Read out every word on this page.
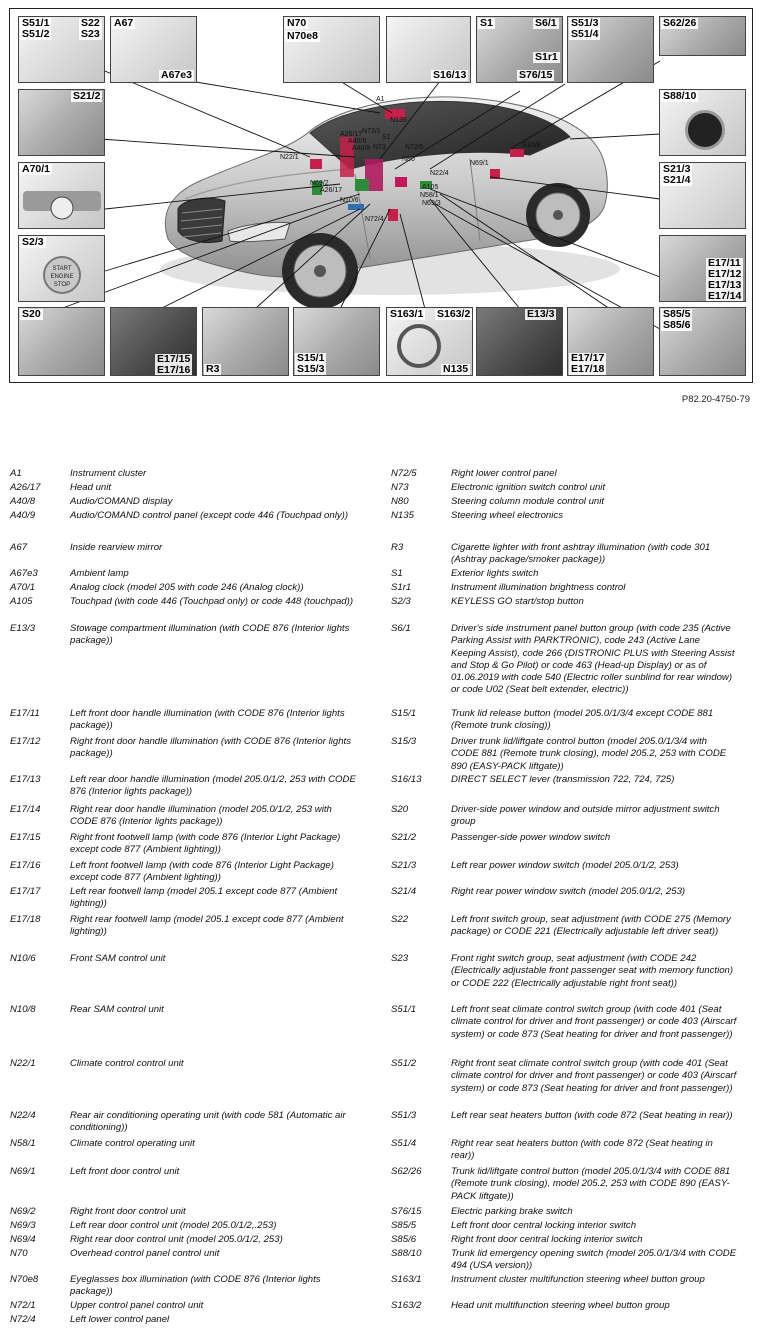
A1
A26/17
A40/8
A40/9
N22/1
N69/2
A26/17
N10/6
N73
S1
N72/1
N72/5
N22/4
A105
N58/1
N80
N135
N10/8
N69/1
N69/3
N72/4
S51/1
S51/2
S22
S23
A67
A67e3
N70
N70e8
S16/13
S1	S6/1
S1r1
S76/15
S51/3
S51/4
S62/26
S21/2
A70/1
S2/3
START
ENGINE
STOP
S88/10
S21/3
S21/4
E17/11
E17/12
E17/13
E17/14
S20
E17/15
E17/16 R3
S15/1
S15/3
S163/1 S163/2
N135
E13/3
E17/17
E17/18
S85/5
S85/6
P82.20-4750-79
A1	Instrument cluster
A26/17	Head unit
A40/8	Audio/COMAND display
A40/9	Audio/COMAND control panel (except code 446 (Touchpad only))
A67	Inside rearview mirror
A67e3	Ambient lamp
A70/1	Analog clock (model 205 with code 246 (Analog clock))
A105	Touchpad (with code 446 (Touchpad only) or code 448 (touchpad))
E13/3	Stowage compartment illumination (with CODE 876 (Interior lights package))
E17/11	Left front door handle illumination (with CODE 876 (Interior lights package))
E17/12	Right front door handle illumination (with CODE 876 (Interior lights package))
E17/13	Left rear door handle illumination (model 205.0/1/2, 253 with CODE 876 (Interior lights package))
E17/14	Right rear door handle illumination (model 205.0/1/2, 253 with CODE 876 (Interior lights package))
E17/15	Right front footwell lamp (with code 876 (Interior Light Package) except code 877 (Ambient lighting))
E17/16	Left front footwell lamp (with code 876 (Interior Light Package) except code 877 (Ambient lighting))
E17/17	Left rear footwell lamp (model 205.1 except code 877 (Ambient lighting))
E17/18	Right rear footwell lamp (model 205.1 except code 877 (Ambient lighting))
N10/6	Front SAM control unit
N10/8	Rear SAM control unit
N22/1	Climate control control unit
N22/4	Rear air conditioning operating unit (with code 581 (Automatic air conditioning))
N58/1	Climate control operating unit
N69/1	Left front door control unit
N69/2	Right front door control unit
N69/3	Left rear door control unit (model 205.0/1/2,.253)
N69/4	Right rear door control unit (model 205.0/1/2, 253)
N70	Overhead control panel control unit
N70e8	Eyeglasses box illumination (with CODE 876 (Interior lights package))
N72/1	Upper control panel control unit
N72/4	Left lower control panel
N72/5	Right lower control panel
N73	Electronic ignition switch control unit
N80	Steering column module control unit
N135	Steering wheel electronics
R3	Cigarette lighter with front ashtray illumination (with code 301 (Ashtray package/smoker package))
S1	Exterior lights switch
S1r1	Instrument illumination brightness control
S2/3	KEYLESS GO start/stop button
S6/1	Driver's side instrument panel button group (with code 235 (Active Parking Assist with PARKTRONIC), code 243 (Active Lane Keeping Assist), code 266 (DISTRONIC PLUS with Steering Assist and Stop & Go Pilot) or code 463 (Head-up Display) or as of 01.06.2019 with code 540 (Electric roller sunblind for rear window) or code U02 (Seat belt extender, electric))
S15/1	Trunk lid release button (model 205.0/1/3/4 except CODE 881 (Remote trunk closing))
S15/3	Driver trunk lid/liftgate control button (model 205.0/1/3/4 with CODE 881 (Remote trunk closing), model 205.2, 253 with CODE 890 (EASY-PACK liftgate))
S16/13	DIRECT SELECT lever (transmission 722, 724, 725)
S20	Driver-side power window and outside mirror adjustment switch group
S21/2	Passenger-side power window switch
S21/3	Left rear power window switch (model 205.0/1/2, 253)
S21/4	Right rear power window switch (model 205.0/1/2, 253)
S22	Left front switch group, seat adjustment (with CODE 275 (Memory package) or CODE 221 (Electrically adjustable left driver seat))
S23	Front right switch group, seat adjustment (with CODE 242 (Electrically adjustable front passenger seat with memory function) or CODE 222 (Electrically adjustable right front seat))
S51/1	Left front seat climate control switch group (with code 401 (Seat climate control for driver and front passenger) or code 403 (Airscarf system) or code 873 (Seat heating for driver and front passenger))
S51/2	Right front seat climate control switch group (with code 401 (Seat climate control for driver and front passenger) or code 403 (Airscarf system) or code 873 (Seat heating for driver and front passenger))
S51/3	Left rear seat heaters button (with code 872 (Seat heating in rear))
S51/4	Right rear seat heaters button (with code 872 (Seat heating in rear))
S62/26	Trunk lid/liftgate control button (model 205.0/1/3/4 with CODE 881 (Remote trunk closing), model 205.2, 253 with CODE 890 (EASY-PACK liftgate))
S76/15	Electric parking brake switch
S85/5	Left front door central locking interior switch
S85/6	Right front door central locking interior switch
S88/10	Trunk lid emergency opening switch (model 205.0/1/3/4 with CODE 494 (USA version))
S163/1	Instrument cluster multifunction steering wheel button group
S163/2	Head unit multifunction steering wheel button group
